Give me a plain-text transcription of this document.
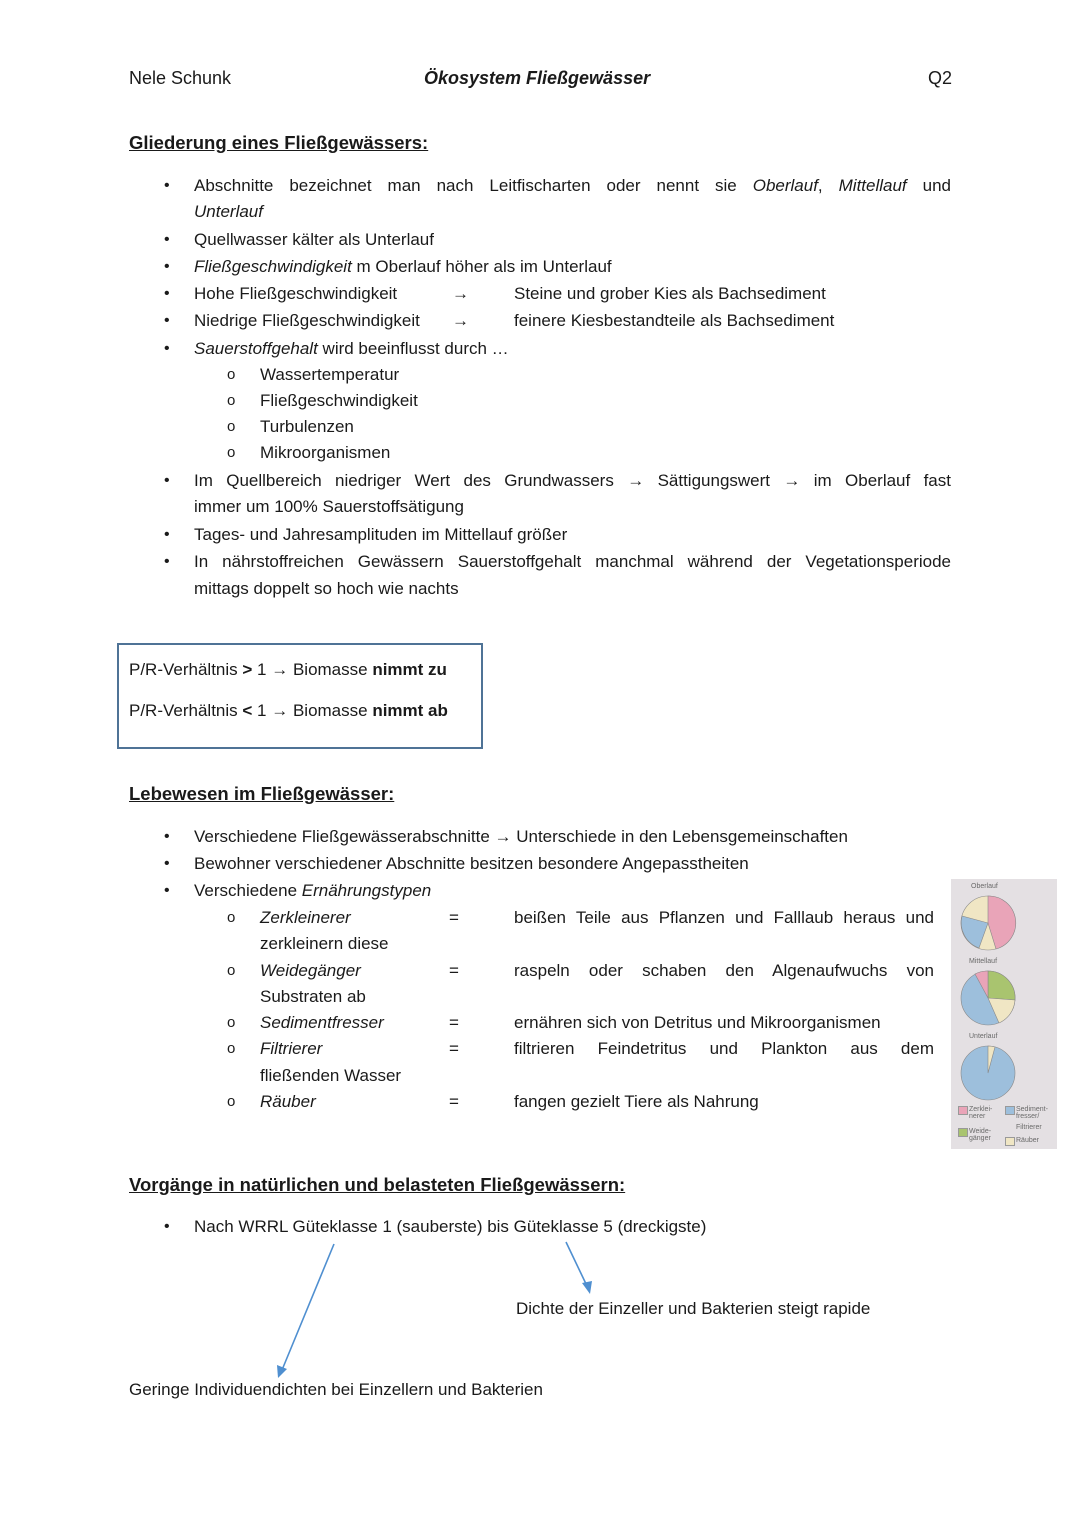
Nele Schunk	Ökosystem Fließgewässer	Q2
Gliederung eines Fließgewässers:
• Abschnitte bezeichnet man nach Leitfischarten oder nennt sie Oberlauf, Mittellauf und
Unterlauf
• Quellwasser kälter als Unterlauf
• Fließgeschwindigkeit m Oberlauf höher als im Unterlauf
• Hohe Fließgeschwindigkeit	→	Steine und grober Kies als Bachsediment
• Niedrige Fließgeschwindigkeit →	feinere Kiesbestandteile als Bachsediment
• Sauerstoffgehalt wird beeinflusst durch …
o Wassertemperatur
o Fließgeschwindigkeit
o Turbulenzen
o Mikroorganismen
• Im Quellbereich niedriger Wert des Grundwassers → Sättigungswert → im Oberlauf fast
immer um 100% Sauerstoffsätigung
• Tages- und Jahresamplituden im Mittellauf größer
• In nährstoffreichen Gewässern Sauerstoffgehalt manchmal während der Vegetationsperiode
mittags doppelt so hoch wie nachts
P/R-Verhältnis > 1 → Biomasse nimmt zu
P/R-Verhältnis < 1 → Biomasse nimmt ab
Lebewesen im Fließgewässer:
• Verschiedene Fließgewässerabschnitte → Unterschiede in den Lebensgemeinschaften
• Bewohner verschiedener Abschnitte besitzen besondere Angepasstheiten
• Verschiedene Ernährungstypen
o Zerkleinerer	=	beißen Teile aus Pflanzen und Falllaub heraus und
zerkleinern diese
o Weidegänger	=	raspeln oder schaben den Algenaufwuchs von
Substraten ab
o Sedimentfresser	=	ernähren sich von Detritus und Mikroorganismen
o Filtrierer	=	filtrieren Feindetritus und Plankton aus dem
fließenden Wasser
o Räuber	=	fangen gezielt Tiere als Nahrung
Oberlauf
Mittellauf
Unterlauf
Zerklei-nerer
Sediment-fresser/
Weide-gänger
Filtrierer
Räuber
Vorgänge in natürlichen und belasteten Fließgewässern:
• Nach WRRL Güteklasse 1 (sauberste) bis Güteklasse 5 (dreckigste)
Dichte der Einzeller und Bakterien steigt rapide
Geringe Individuendichten bei Einzellern und Bakterien
